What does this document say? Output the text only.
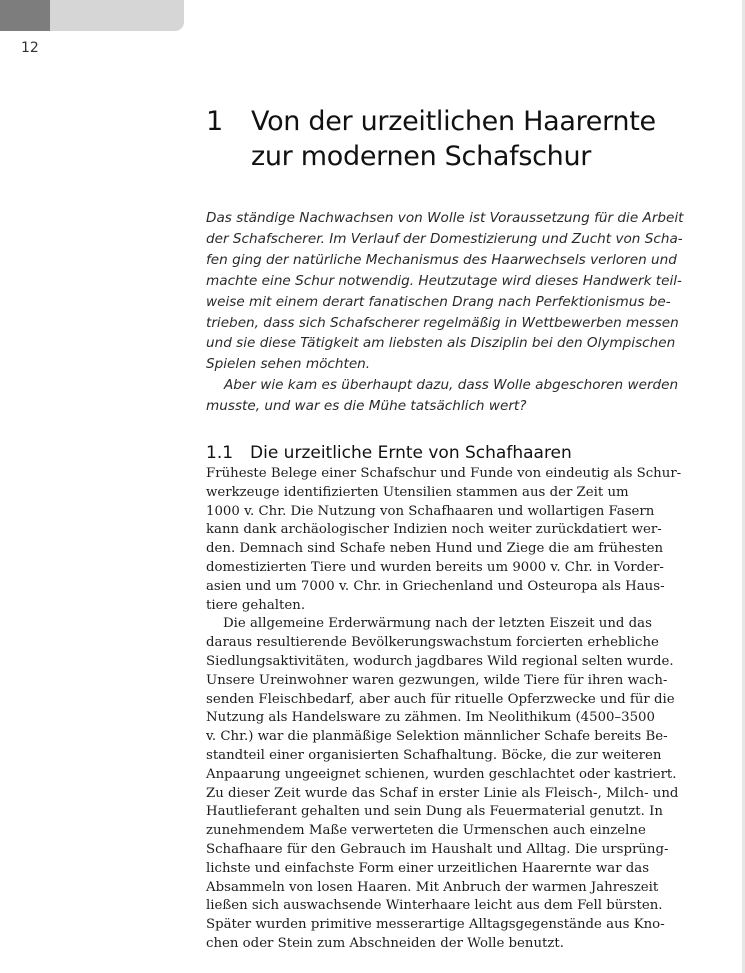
12
1	Von der urzeitlichen Haarernte
zur modernen Schafschur
Das ständige Nachwachsen von Wolle ist Voraussetzung für die Arbeit
der Schafscherer. Im Verlauf der Domestizierung und Zucht von Scha-
fen ging der natürliche Mechanismus des Haarwechsels verloren und
machte eine Schur notwendig. Heutzutage wird dieses Handwerk teil-
weise mit einem derart fanatischen Drang nach Perfektionismus be-
trieben, dass sich Schafscherer regelmäßig in Wettbewerben messen
und sie diese Tätigkeit am liebsten als Disziplin bei den Olympischen
Spielen sehen möchten.
Aber wie kam es überhaupt dazu, dass Wolle abgeschoren werden
musste, und war es die Mühe tatsächlich wert?
1.1 Die urzeitliche Ernte von Schafhaaren
Früheste Belege einer Schafschur und Funde von eindeutig als Schur-
werkzeuge identifizierten Utensilien stammen aus der Zeit um
1000 v. Chr. Die Nutzung von Schafhaaren und wollartigen Fasern
kann dank archäologischer Indizien noch weiter zurückdatiert wer-
den. Demnach sind Schafe neben Hund und Ziege die am frühesten
domestizierten Tiere und wurden bereits um 9000 v. Chr. in Vorder-
asien und um 7000 v. Chr. in Griechenland und Osteuropa als Haus-
tiere gehalten.
Die allgemeine Erderwärmung nach der letzten Eiszeit und das
daraus resultierende Bevölkerungswachstum forcierten erhebliche
Siedlungsaktivitäten, wodurch jagdbares Wild regional selten wurde.
Unsere Ureinwohner waren gezwungen, wilde Tiere für ihren wach-
senden Fleischbedarf, aber auch für rituelle Opferzwecke und für die
Nutzung als Handelsware zu zähmen. Im Neolithikum (4500–3500
v. Chr.) war die planmäßige Selektion männlicher Schafe bereits Be-
standteil einer organisierten Schafhaltung. Böcke, die zur weiteren
Anpaarung ungeeignet schienen, wurden geschlachtet oder kastriert.
Zu dieser Zeit wurde das Schaf in erster Linie als Fleisch-, Milch- und
Hautlieferant gehalten und sein Dung als Feuermaterial genutzt. In
zunehmendem Maße verwerteten die Urmenschen auch einzelne
Schafhaare für den Gebrauch im Haushalt und Alltag. Die ursprüng-
lichste und einfachste Form einer urzeitlichen Haarernte war das
Absammeln von losen Haaren. Mit Anbruch der warmen Jahreszeit
ließen sich auswachsende Winterhaare leicht aus dem Fell bürsten.
Später wurden primitive messerartige Alltagsgegenstände aus Kno-
chen oder Stein zum Abschneiden der Wolle benutzt.
